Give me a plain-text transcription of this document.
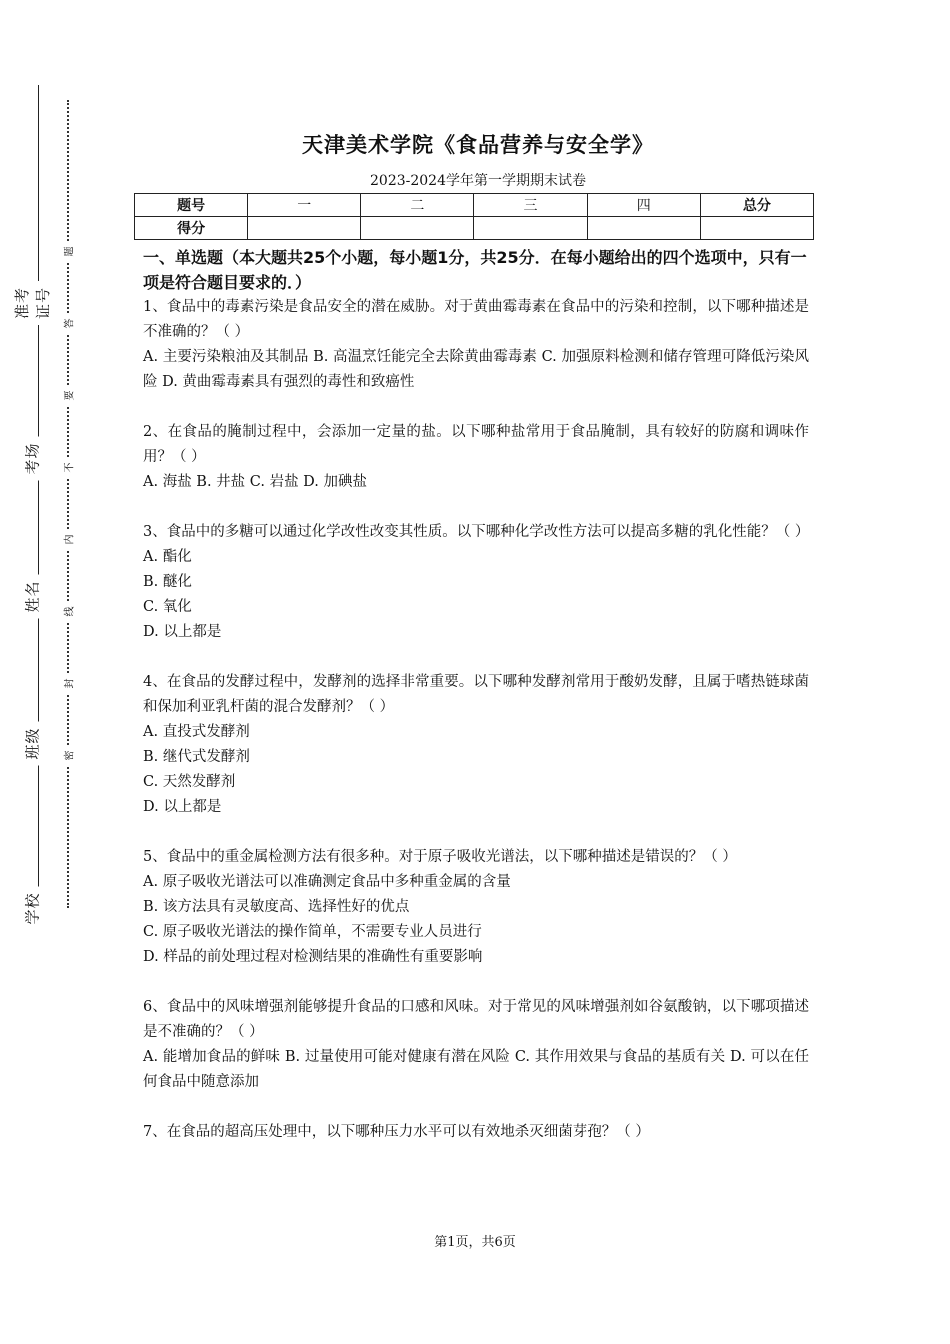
准考证号
考场
姓名
班级
学校
题
答
要
不
内
线
封
密
天津美术学院《食品营养与安全学》
2023-2024学年第一学期期末试卷
题号	一	二	三	四	总分
得分					
一、单选题（本大题共25个小题，每小题1分，共25分．在每小题给出的四个选项中，只有一项是符合题目要求的．）

1、食品中的毒素污染是食品安全的潜在威胁。对于黄曲霉毒素在食品中的污染和控制，以下哪种描述是不准确的？（ ）

A. 主要污染粮油及其制品 B. 高温烹饪能完全去除黄曲霉毒素 C. 加强原料检测和储存管理可降低污染风险 D. 黄曲霉毒素具有强烈的毒性和致癌性

2、在食品的腌制过程中，会添加一定量的盐。以下哪种盐常用于食品腌制，具有较好的防腐和调味作用？（ ）

A. 海盐 B. 井盐 C. 岩盐 D. 加碘盐

3、食品中的多糖可以通过化学改性改变其性质。以下哪种化学改性方法可以提高多糖的乳化性能？（ ）

A. 酯化

B. 醚化

C. 氧化

D. 以上都是

4、在食品的发酵过程中，发酵剂的选择非常重要。以下哪种发酵剂常用于酸奶发酵，且属于嗜热链球菌和保加利亚乳杆菌的混合发酵剂？（ ）

A. 直投式发酵剂

B. 继代式发酵剂

C. 天然发酵剂

D. 以上都是

5、食品中的重金属检测方法有很多种。对于原子吸收光谱法，以下哪种描述是错误的？（ ）

A. 原子吸收光谱法可以准确测定食品中多种重金属的含量

B. 该方法具有灵敏度高、选择性好的优点

C. 原子吸收光谱法的操作简单，不需要专业人员进行

D. 样品的前处理过程对检测结果的准确性有重要影响

6、食品中的风味增强剂能够提升食品的口感和风味。对于常见的风味增强剂如谷氨酸钠，以下哪项描述是不准确的？（ ）

A. 能增加食品的鲜味 B. 过量使用可能对健康有潜在风险 C. 其作用效果与食品的基质有关 D. 可以在任何食品中随意添加

7、在食品的超高压处理中，以下哪种压力水平可以有效地杀灭细菌芽孢？（ ）

第1页，共6页
